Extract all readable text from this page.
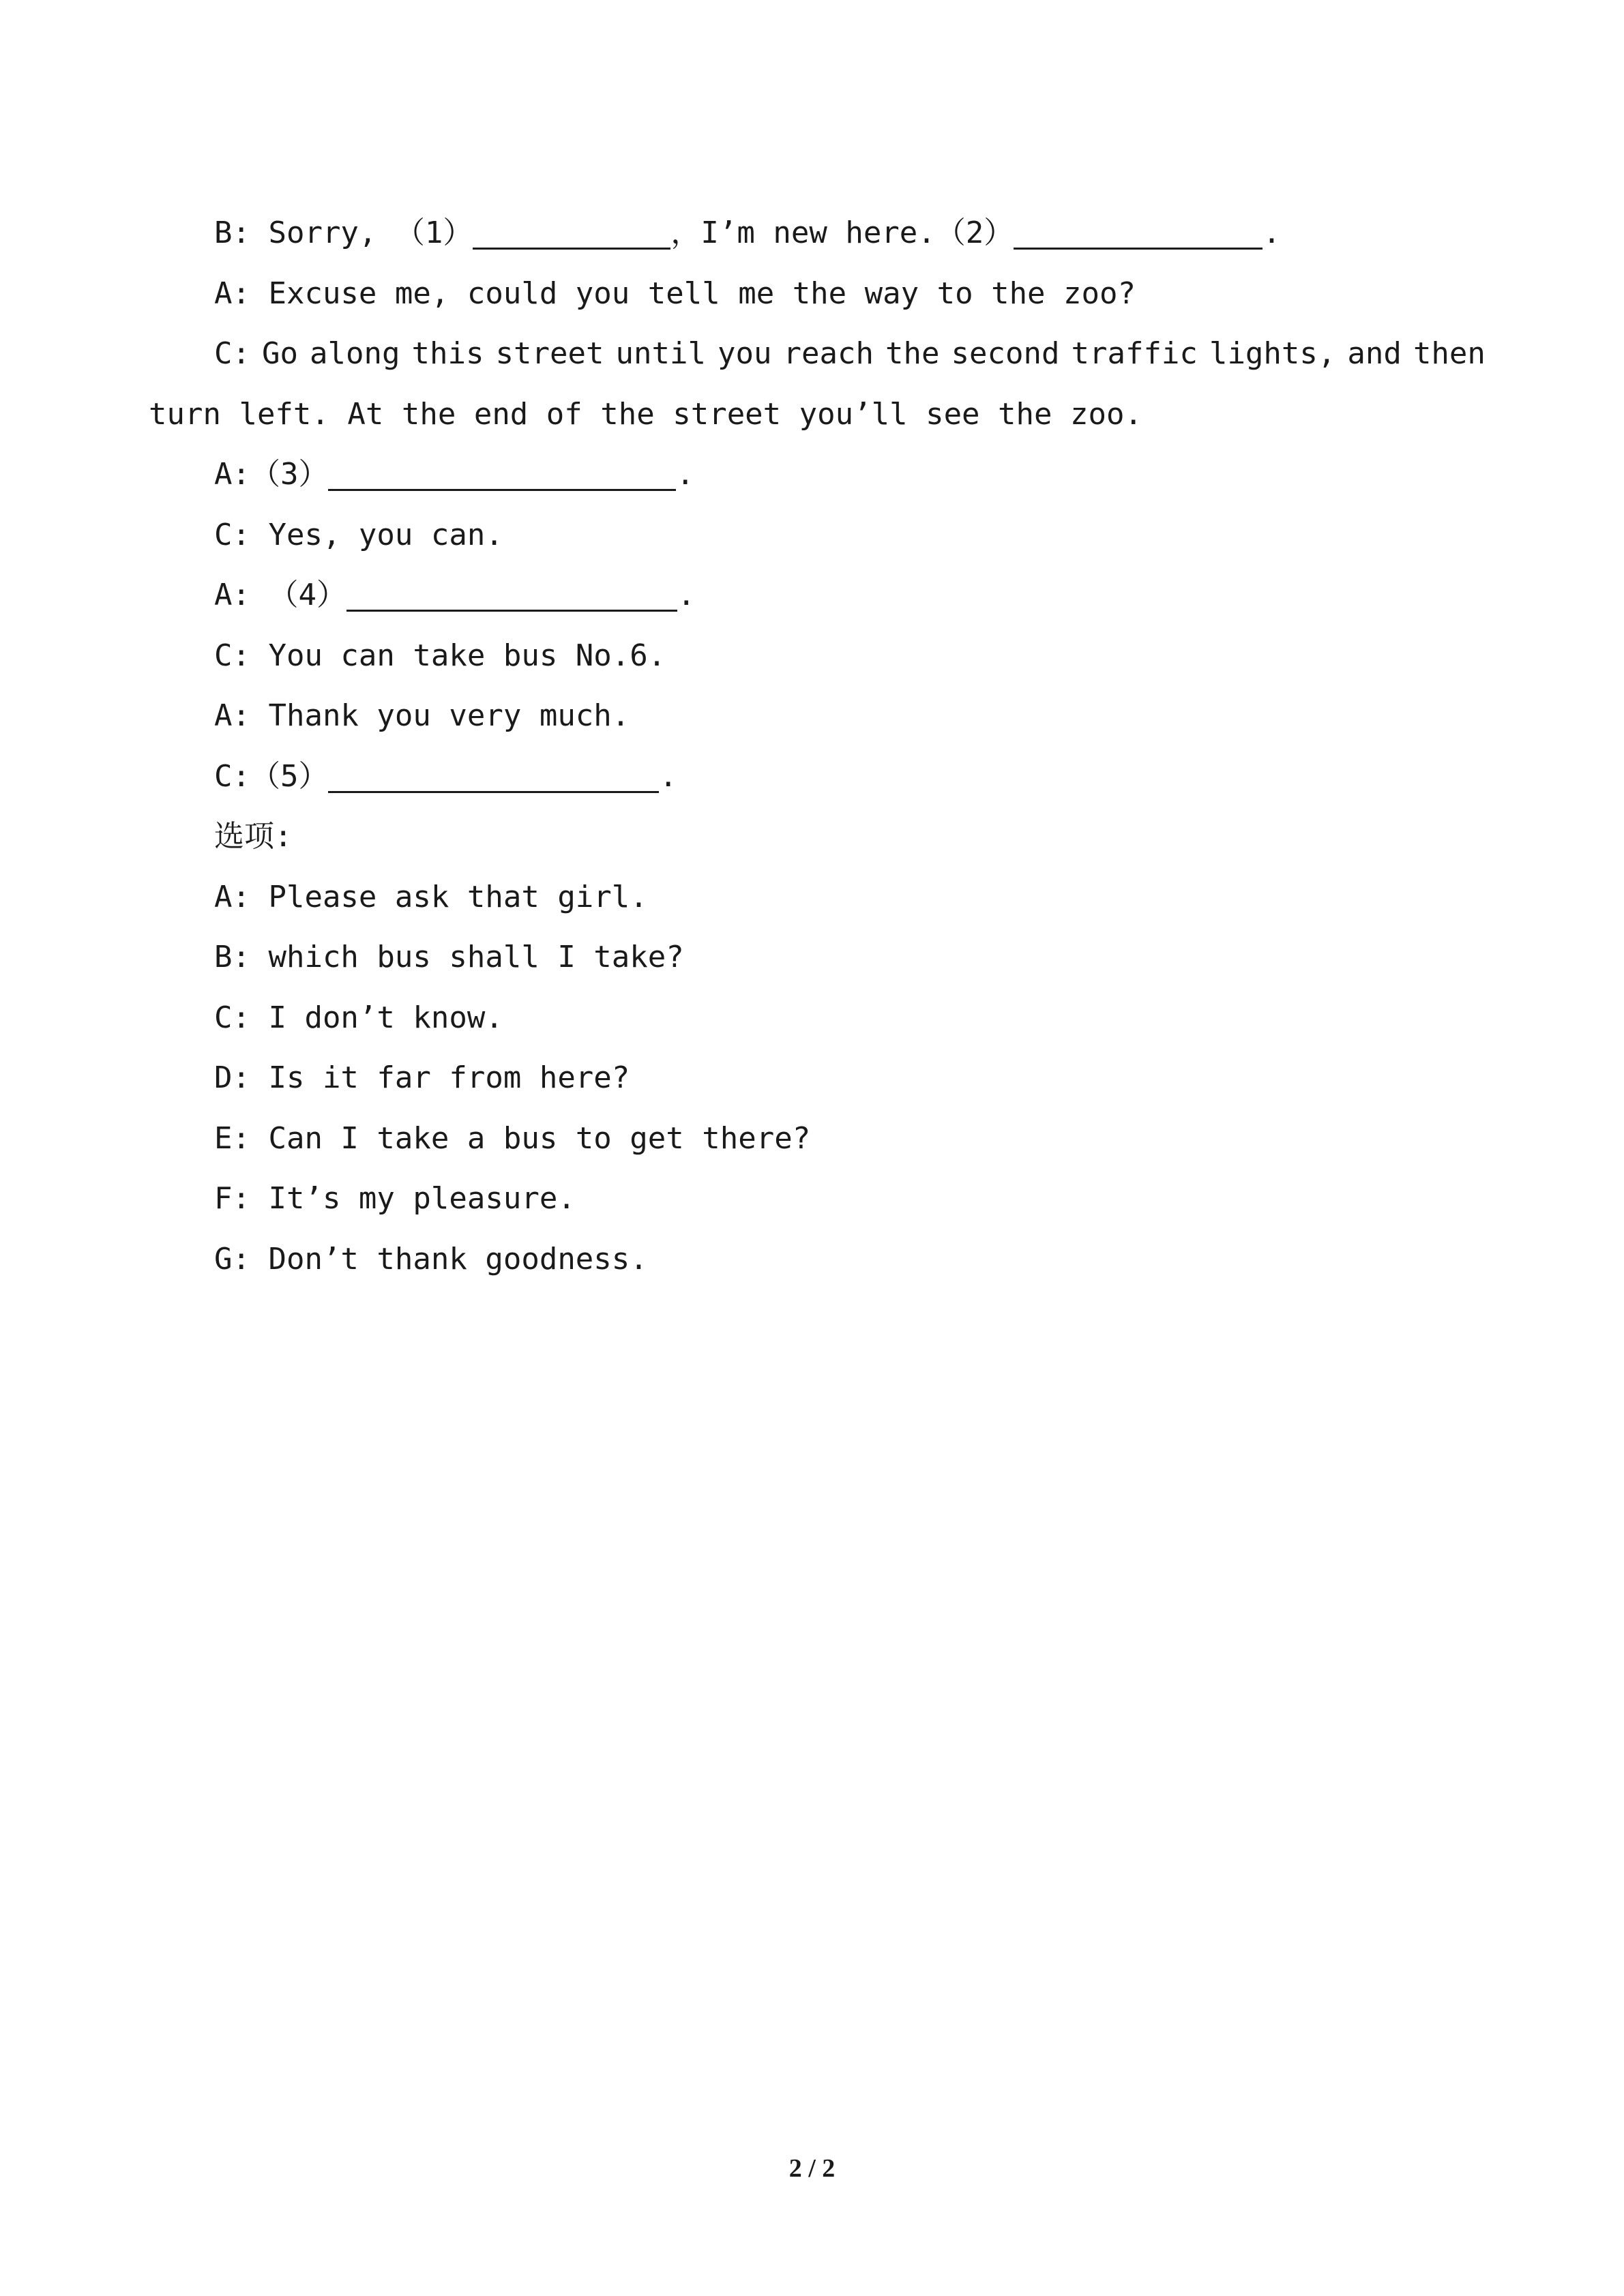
B: Sorry, （1）	，I’m new here.（2）	.
A: Excuse me, could you tell me the way to the zoo?
C: Go along this street until you reach the second traffic lights, and then
turn left. At the end of the street you’ll see the zoo.
A:（3）	.
C: Yes, you can.
A: （4）	.
C: You can take bus No.6.
A: Thank you very much.
C:（5）	.
选项:
A: Please ask that girl.
B: which bus shall I take?
C: I don’t know.
D: Is it far from here?
E: Can I take a bus to get there?
F: It’s my pleasure.
G: Don’t thank goodness.
2 / 2
